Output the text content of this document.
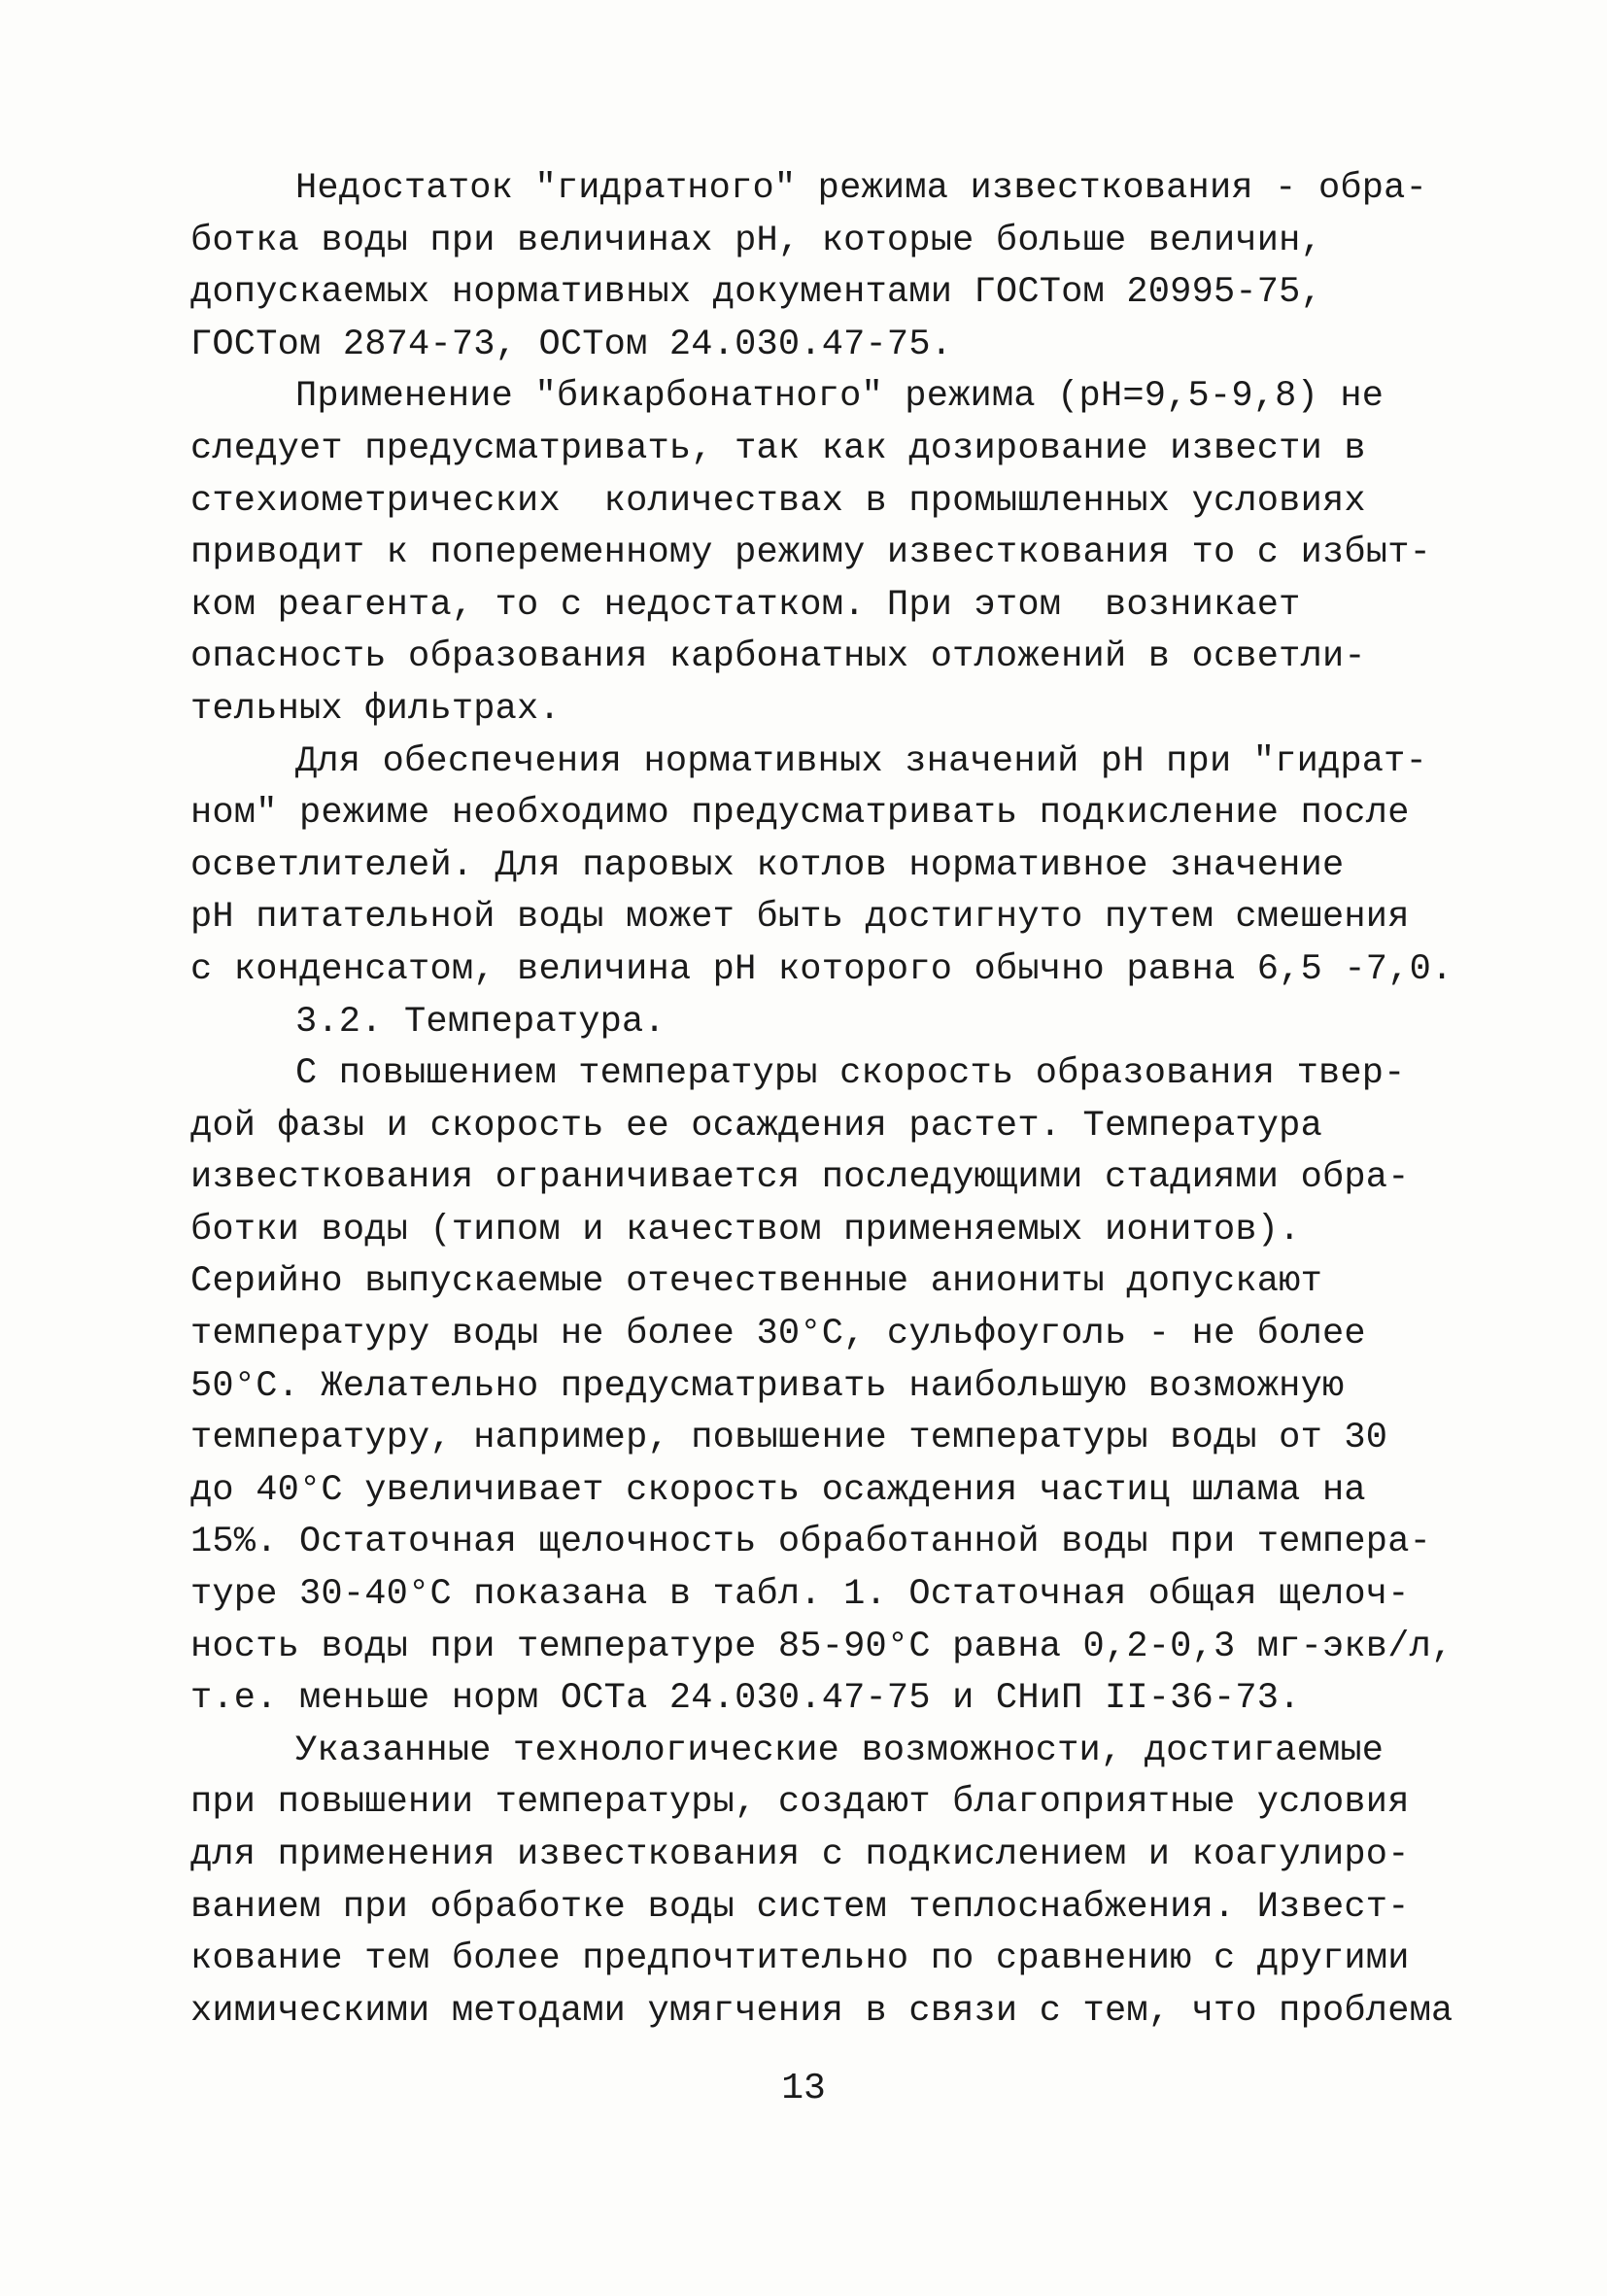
Недостаток "гидратного" режима известкования - обра-
ботка воды при величинах рН, которые больше величин,
допускаемых нормативных документами ГОСТом 20995-75,
ГОСТом 2874-73, ОСТом 24.030.47-75.
Применение "бикарбонатного" режима (рН=9,5-9,8) не
следует предусматривать, так как дозирование извести в
стехиометрических  количествах в промышленных условиях
приводит к попеременному режиму известкования то с избыт-
ком реагента, то с недостатком. При этом  возникает
опасность образования карбонатных отложений в осветли-
тельных фильтрах.
Для обеспечения нормативных значений рН при "гидрат-
ном" режиме необходимо предусматривать подкисление после
осветлителей. Для паровых котлов нормативное значение
рН питательной воды может быть достигнуто путем смешения
с конденсатом, величина рН которого обычно равна 6,5 -7,0.
3.2. Температура.
С повышением температуры скорость образования твер-
дой фазы и скорость ее осаждения растет. Температура
известкования ограничивается последующими стадиями обра-
ботки воды (типом и качеством применяемых ионитов).
Серийно выпускаемые отечественные аниониты допускают
температуру воды не более 30°С, сульфоуголь - не более
50°С. Желательно предусматривать наибольшую возможную
температуру, например, повышение температуры воды от 30
до 40°С увеличивает скорость осаждения частиц шлама на
15%. Остаточная щелочность обработанной воды при темпера-
туре 30-40°С показана в табл. 1. Остаточная общая щелоч-
ность воды при температуре 85-90°С равна 0,2-0,3 мг-экв/л,
т.е. меньше норм ОСТа 24.030.47-75 и СНиП II-36-73.
Указанные технологические возможности, достигаемые
при повышении температуры, создают благоприятные условия
для применения известкования с подкислением и коагулиро-
ванием при обработке воды систем теплоснабжения. Извест-
кование тем более предпочтительно по сравнению с другими
химическими методами умягчения в связи с тем, что проблема
13
